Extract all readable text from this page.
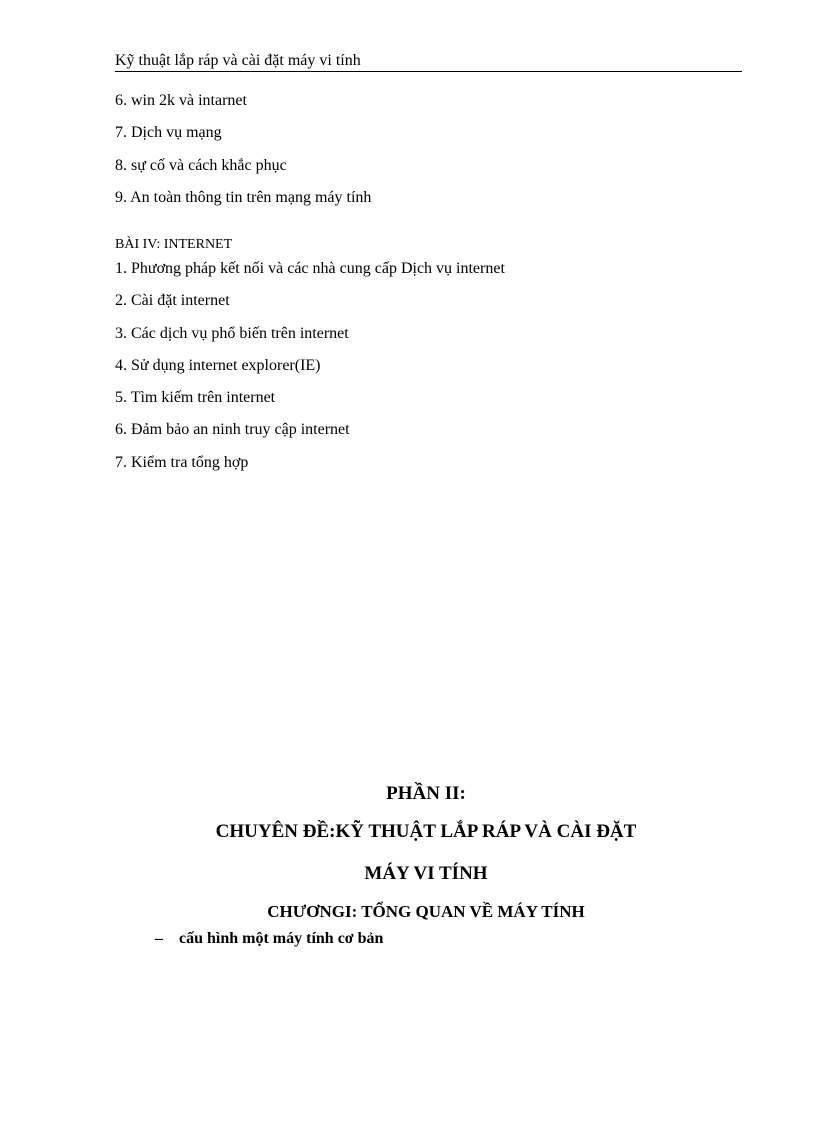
Kỹ thuật lắp ráp và cài đặt máy vi tính
6. win 2k và intarnet
7. Dịch vụ mạng
8. sự cố và cách khắc phục
9. An toàn thông tin trên mạng máy tính
BÀI IV: INTERNET
1. Phương pháp kết nối và các nhà cung cấp Dịch vụ internet
2. Cài đặt internet
3. Các dịch vụ phổ biến trên internet
4. Sử dụng internet explorer(IE)
5. Tìm kiếm trên internet
6. Đảm bảo an ninh truy cập internet
7. Kiểm tra tổng hợp
PHẦN II:
CHUYÊN ĐỀ:KỸ THUẬT LẮP RÁP VÀ CÀI ĐẶT
MÁY VI TÍNH
CHƯƠNGI: TỔNG QUAN VỀ MÁY TÍNH
– cấu hình một máy tính cơ bản
